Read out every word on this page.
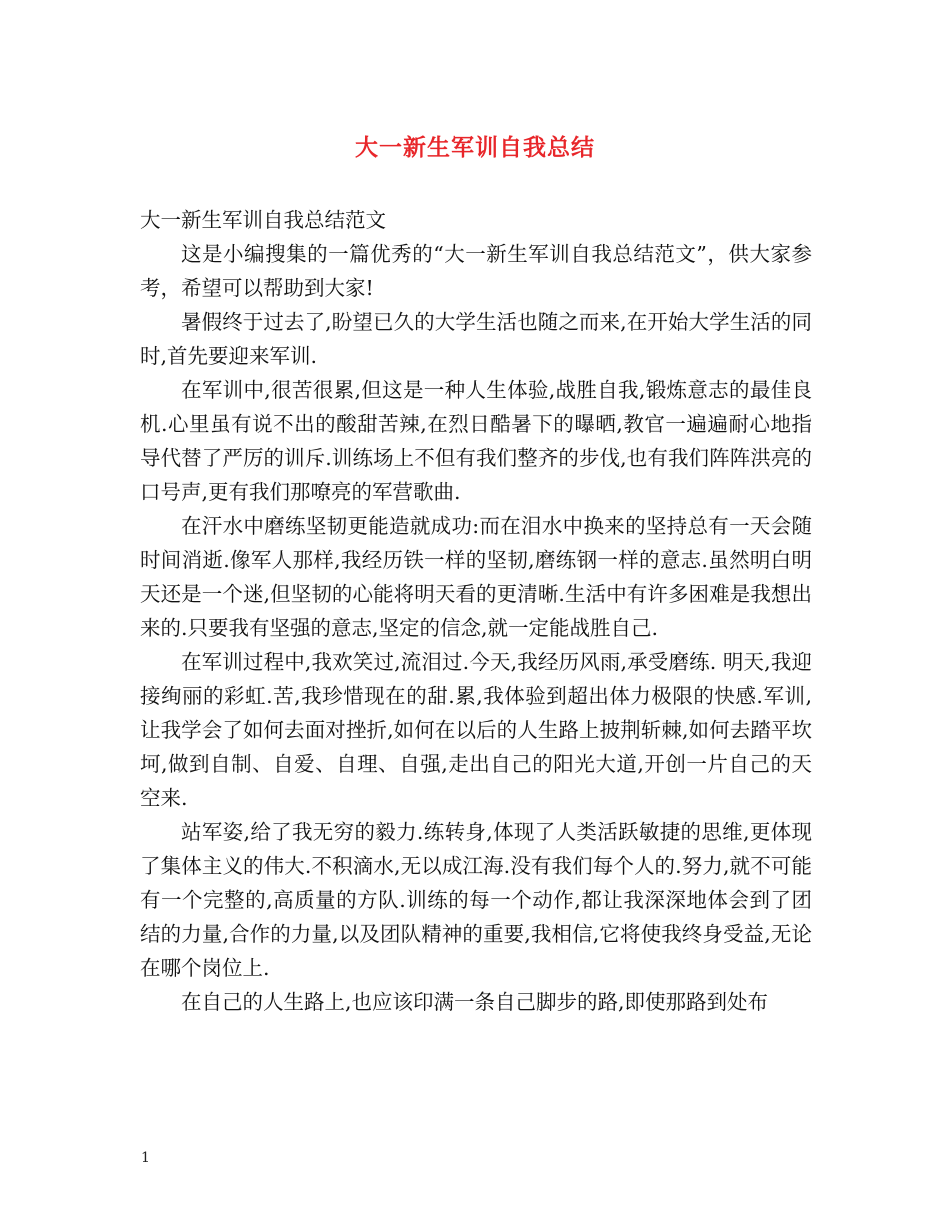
大一新生军训自我总结

大一新生军训自我总结范文

这是小编搜集的一篇优秀的“大一新生军训自我总结范文”，供大家参考，希望可以帮助到大家!

暑假终于过去了,盼望已久的大学生活也随之而来,在开始大学生活的同时,首先要迎来军训.

在军训中,很苦很累,但这是一种人生体验,战胜自我,锻炼意志的最佳良机.心里虽有说不出的酸甜苦辣,在烈日酷暑下的曝晒,教官一遍遍耐心地指导代替了严厉的训斥.训练场上不但有我们整齐的步伐,也有我们阵阵洪亮的口号声,更有我们那嘹亮的军营歌曲.

在汗水中磨练坚韧更能造就成功:而在泪水中换来的坚持总有一天会随时间消逝.像军人那样,我经历铁一样的坚韧,磨练钢一样的意志.虽然明白明天还是一个迷,但坚韧的心能将明天看的更清晰.生活中有许多困难是我想出来的.只要我有坚强的意志,坚定的信念,就一定能战胜自己.

在军训过程中,我欢笑过,流泪过.今天,我经历风雨,承受磨练. 明天,我迎接绚丽的彩虹.苦,我珍惜现在的甜.累,我体验到超出体力极限的快感.军训,让我学会了如何去面对挫折,如何在以后的人生路上披荆斩棘,如何去踏平坎坷,做到自制、自爱、自理、自强,走出自己的阳光大道,开创一片自己的天空来.

站军姿,给了我无穷的毅力.练转身,体现了人类活跃敏捷的思维,更体现了集体主义的伟大.不积滴水,无以成江海.没有我们每个人的.努力,就不可能有一个完整的,高质量的方队.训练的每一个动作,都让我深深地体会到了团结的力量,合作的力量,以及团队精神的重要,我相信,它将使我终身受益,无论在哪个岗位上.

在自己的人生路上,也应该印满一条自己脚步的路,即使那路到处布

1
